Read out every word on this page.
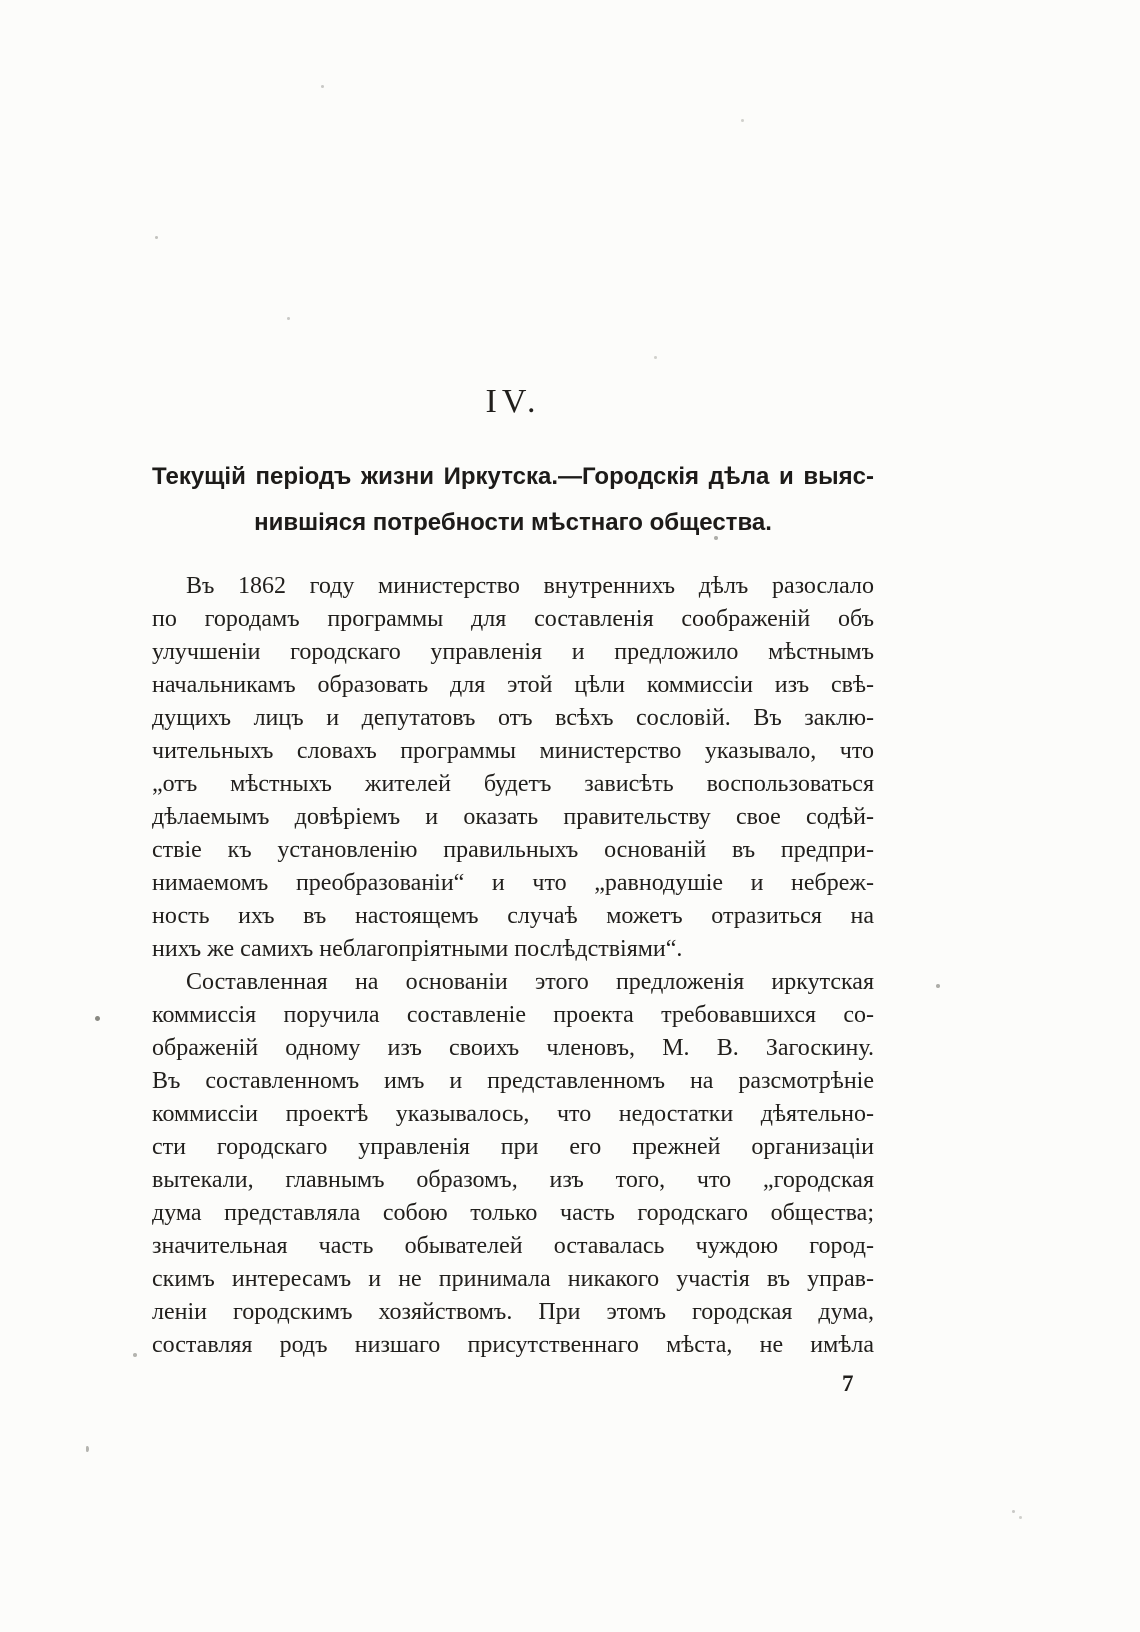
IV.
Текущій періодъ жизни Иркутска.—Городскія дѣла и выяс-
нившіяся потребности мѣстнаго общества.
Въ 1862 году министерство внутреннихъ дѣлъ разослало
по городамъ программы для составленія соображеній объ
улучшеніи городскаго управленія и предложило мѣстнымъ
начальникамъ образовать для этой цѣли коммиссіи изъ свѣ-
дущихъ лицъ и депутатовъ отъ всѣхъ сословій. Въ заклю-
чительныхъ словахъ программы министерство указывало, что
„отъ мѣстныхъ жителей будетъ зависѣть воспользоваться
дѣлаемымъ довѣріемъ и оказать правительству свое содѣй-
ствіе къ установленію правильныхъ основаній въ предпри-
нимаемомъ преобразованіи“ и что „равнодушіе и небреж-
ность ихъ въ настоящемъ случаѣ можетъ отразиться на
нихъ же самихъ неблагопріятными послѣдствіями“.
Составленная на основаніи этого предложенія иркутская
коммиссія поручила составленіе проекта требовавшихся со-
ображеній одному изъ своихъ членовъ, М. В. Загоскину.
Въ составленномъ имъ и представленномъ на разсмотрѣніе
коммиссіи проектѣ указывалось, что недостатки дѣятельно-
сти городскаго управленія при его прежней организаціи
вытекали, главнымъ образомъ, изъ того, что „городская
дума представляла собою только часть городскаго общества;
значительная часть обывателей оставалась чуждою город-
скимъ интересамъ и не принимала никакого участія въ управ-
леніи городскимъ хозяйствомъ. При этомъ городская дума,
составляя родъ низшаго присутственнаго мѣста, не имѣла
7
